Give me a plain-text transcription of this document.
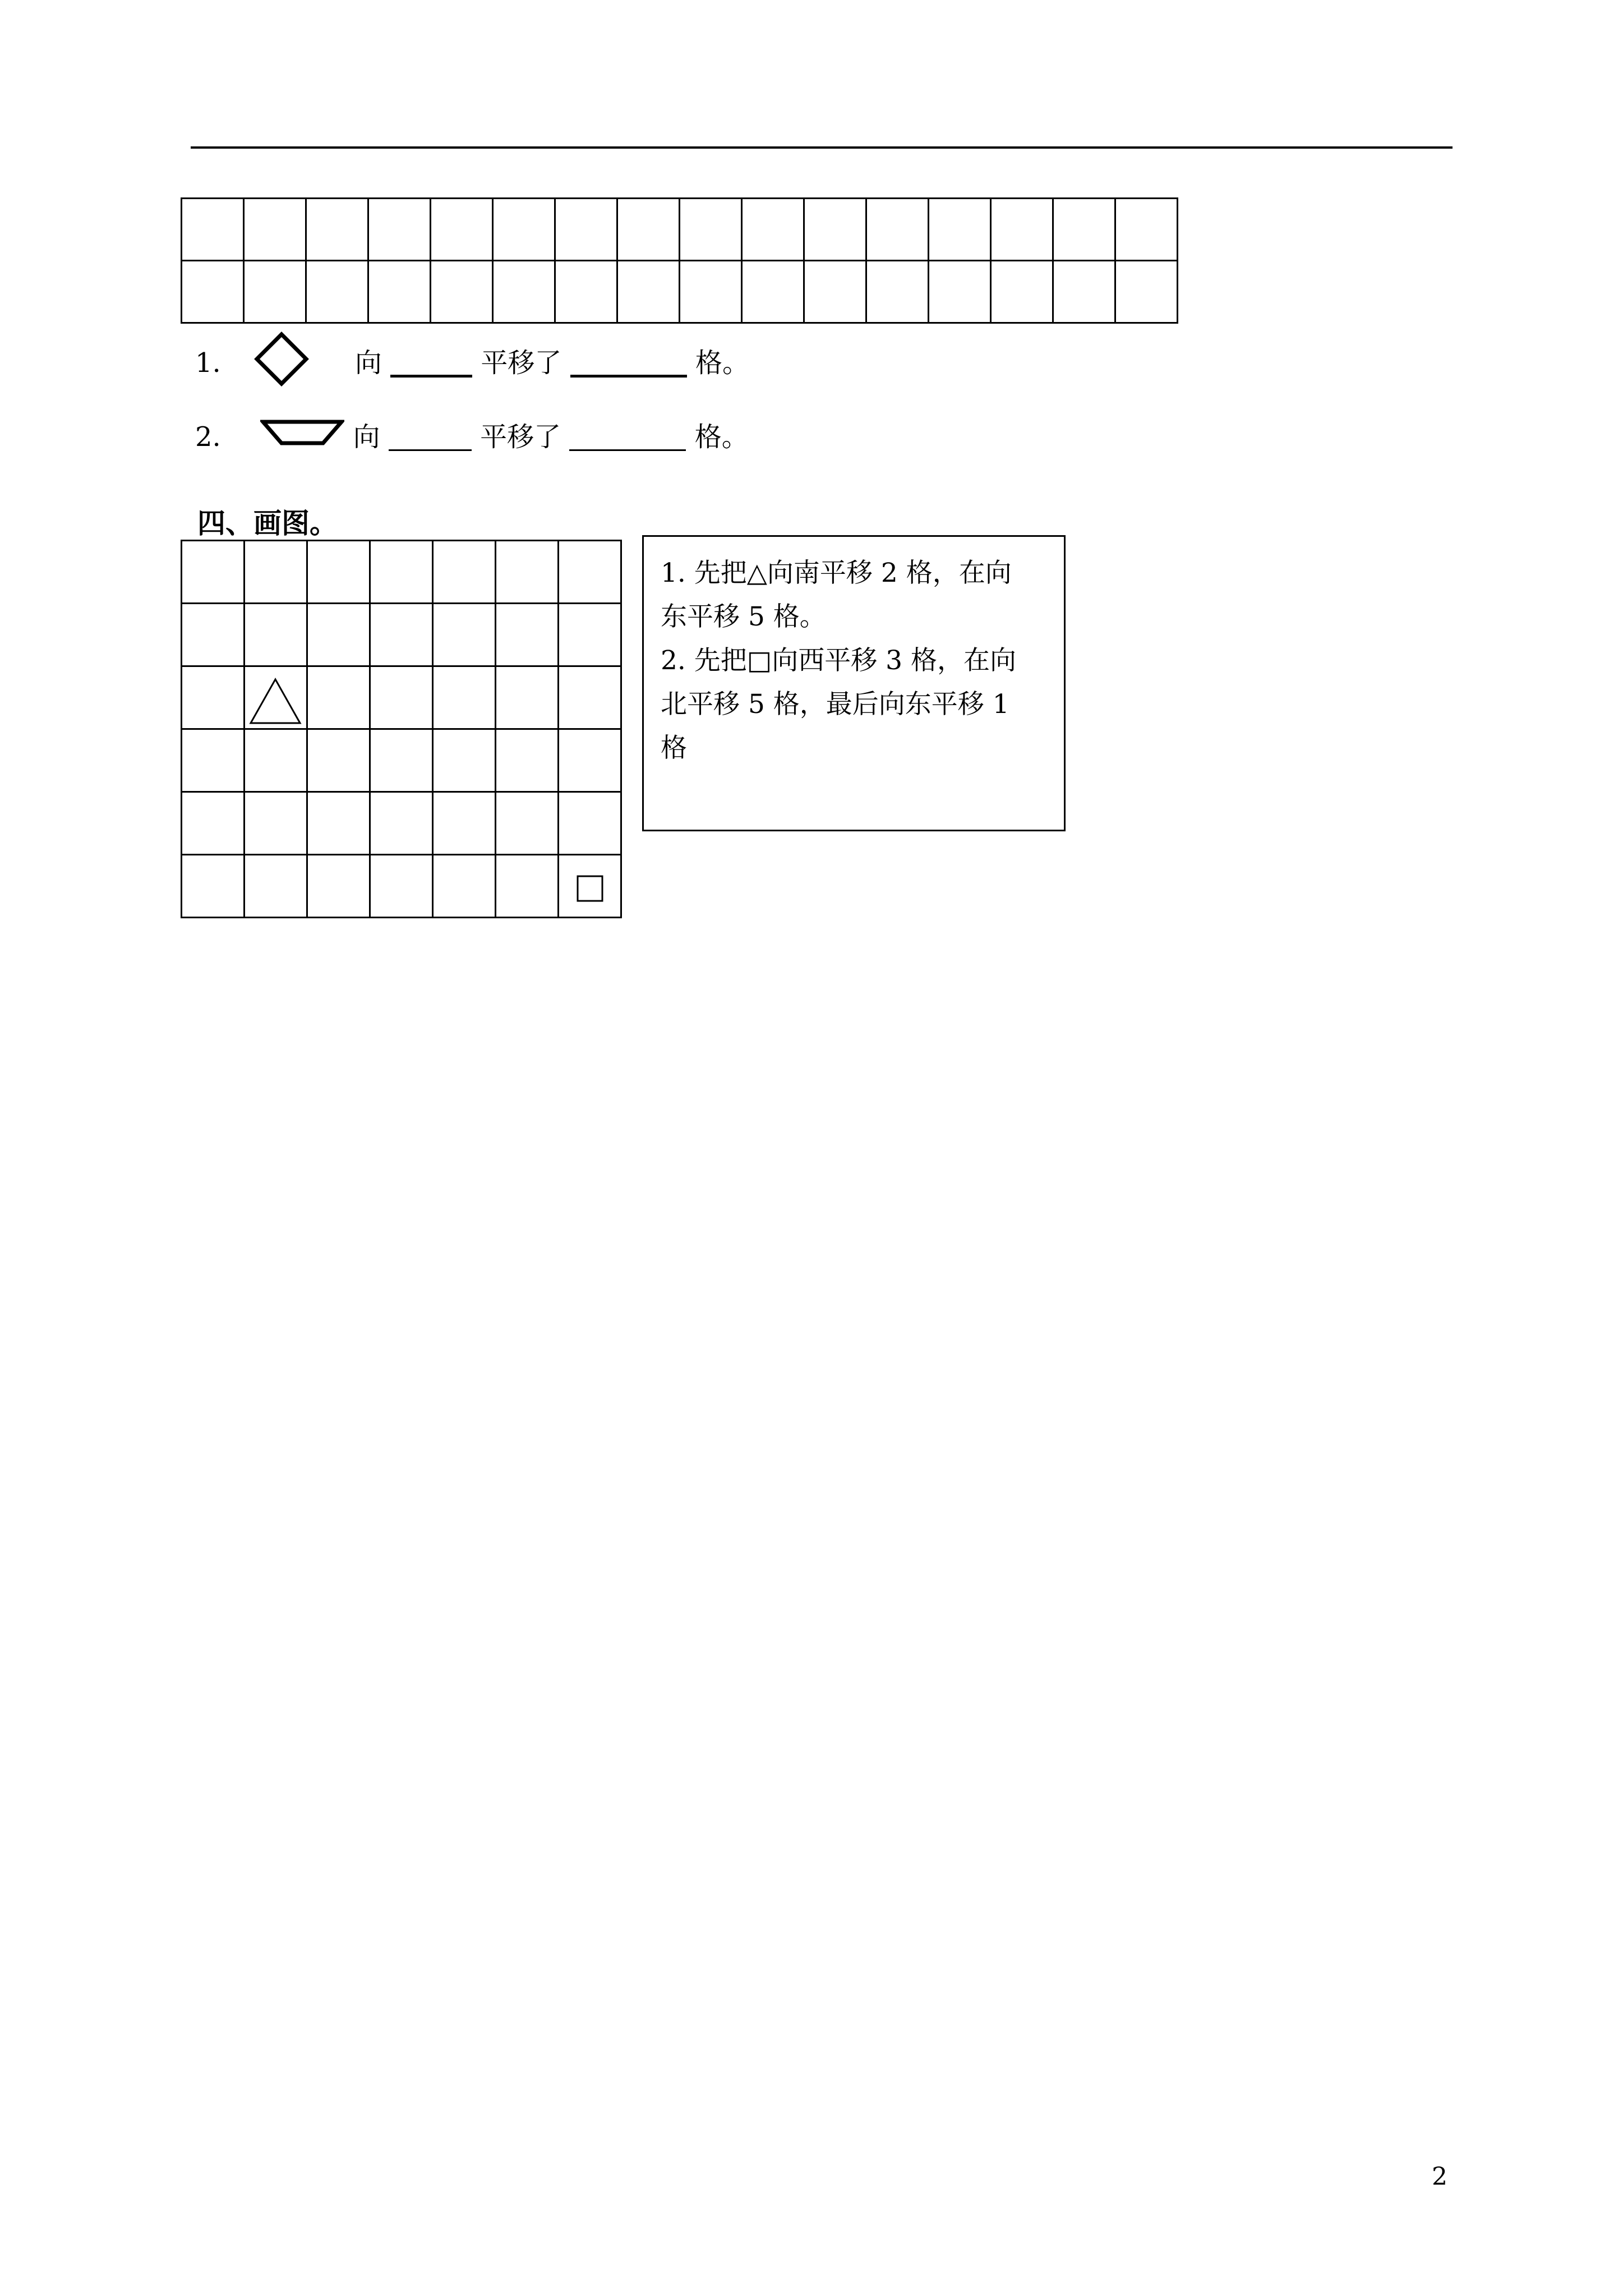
1.	向	平移了	格。
2.	向	平移了	格。
四、画图。

1. 先把△向南平移 2 格，在向
东平移 5 格。
2. 先把□向西平移 3 格，在向
北平移 5 格，最后向东平移 1
格
2
